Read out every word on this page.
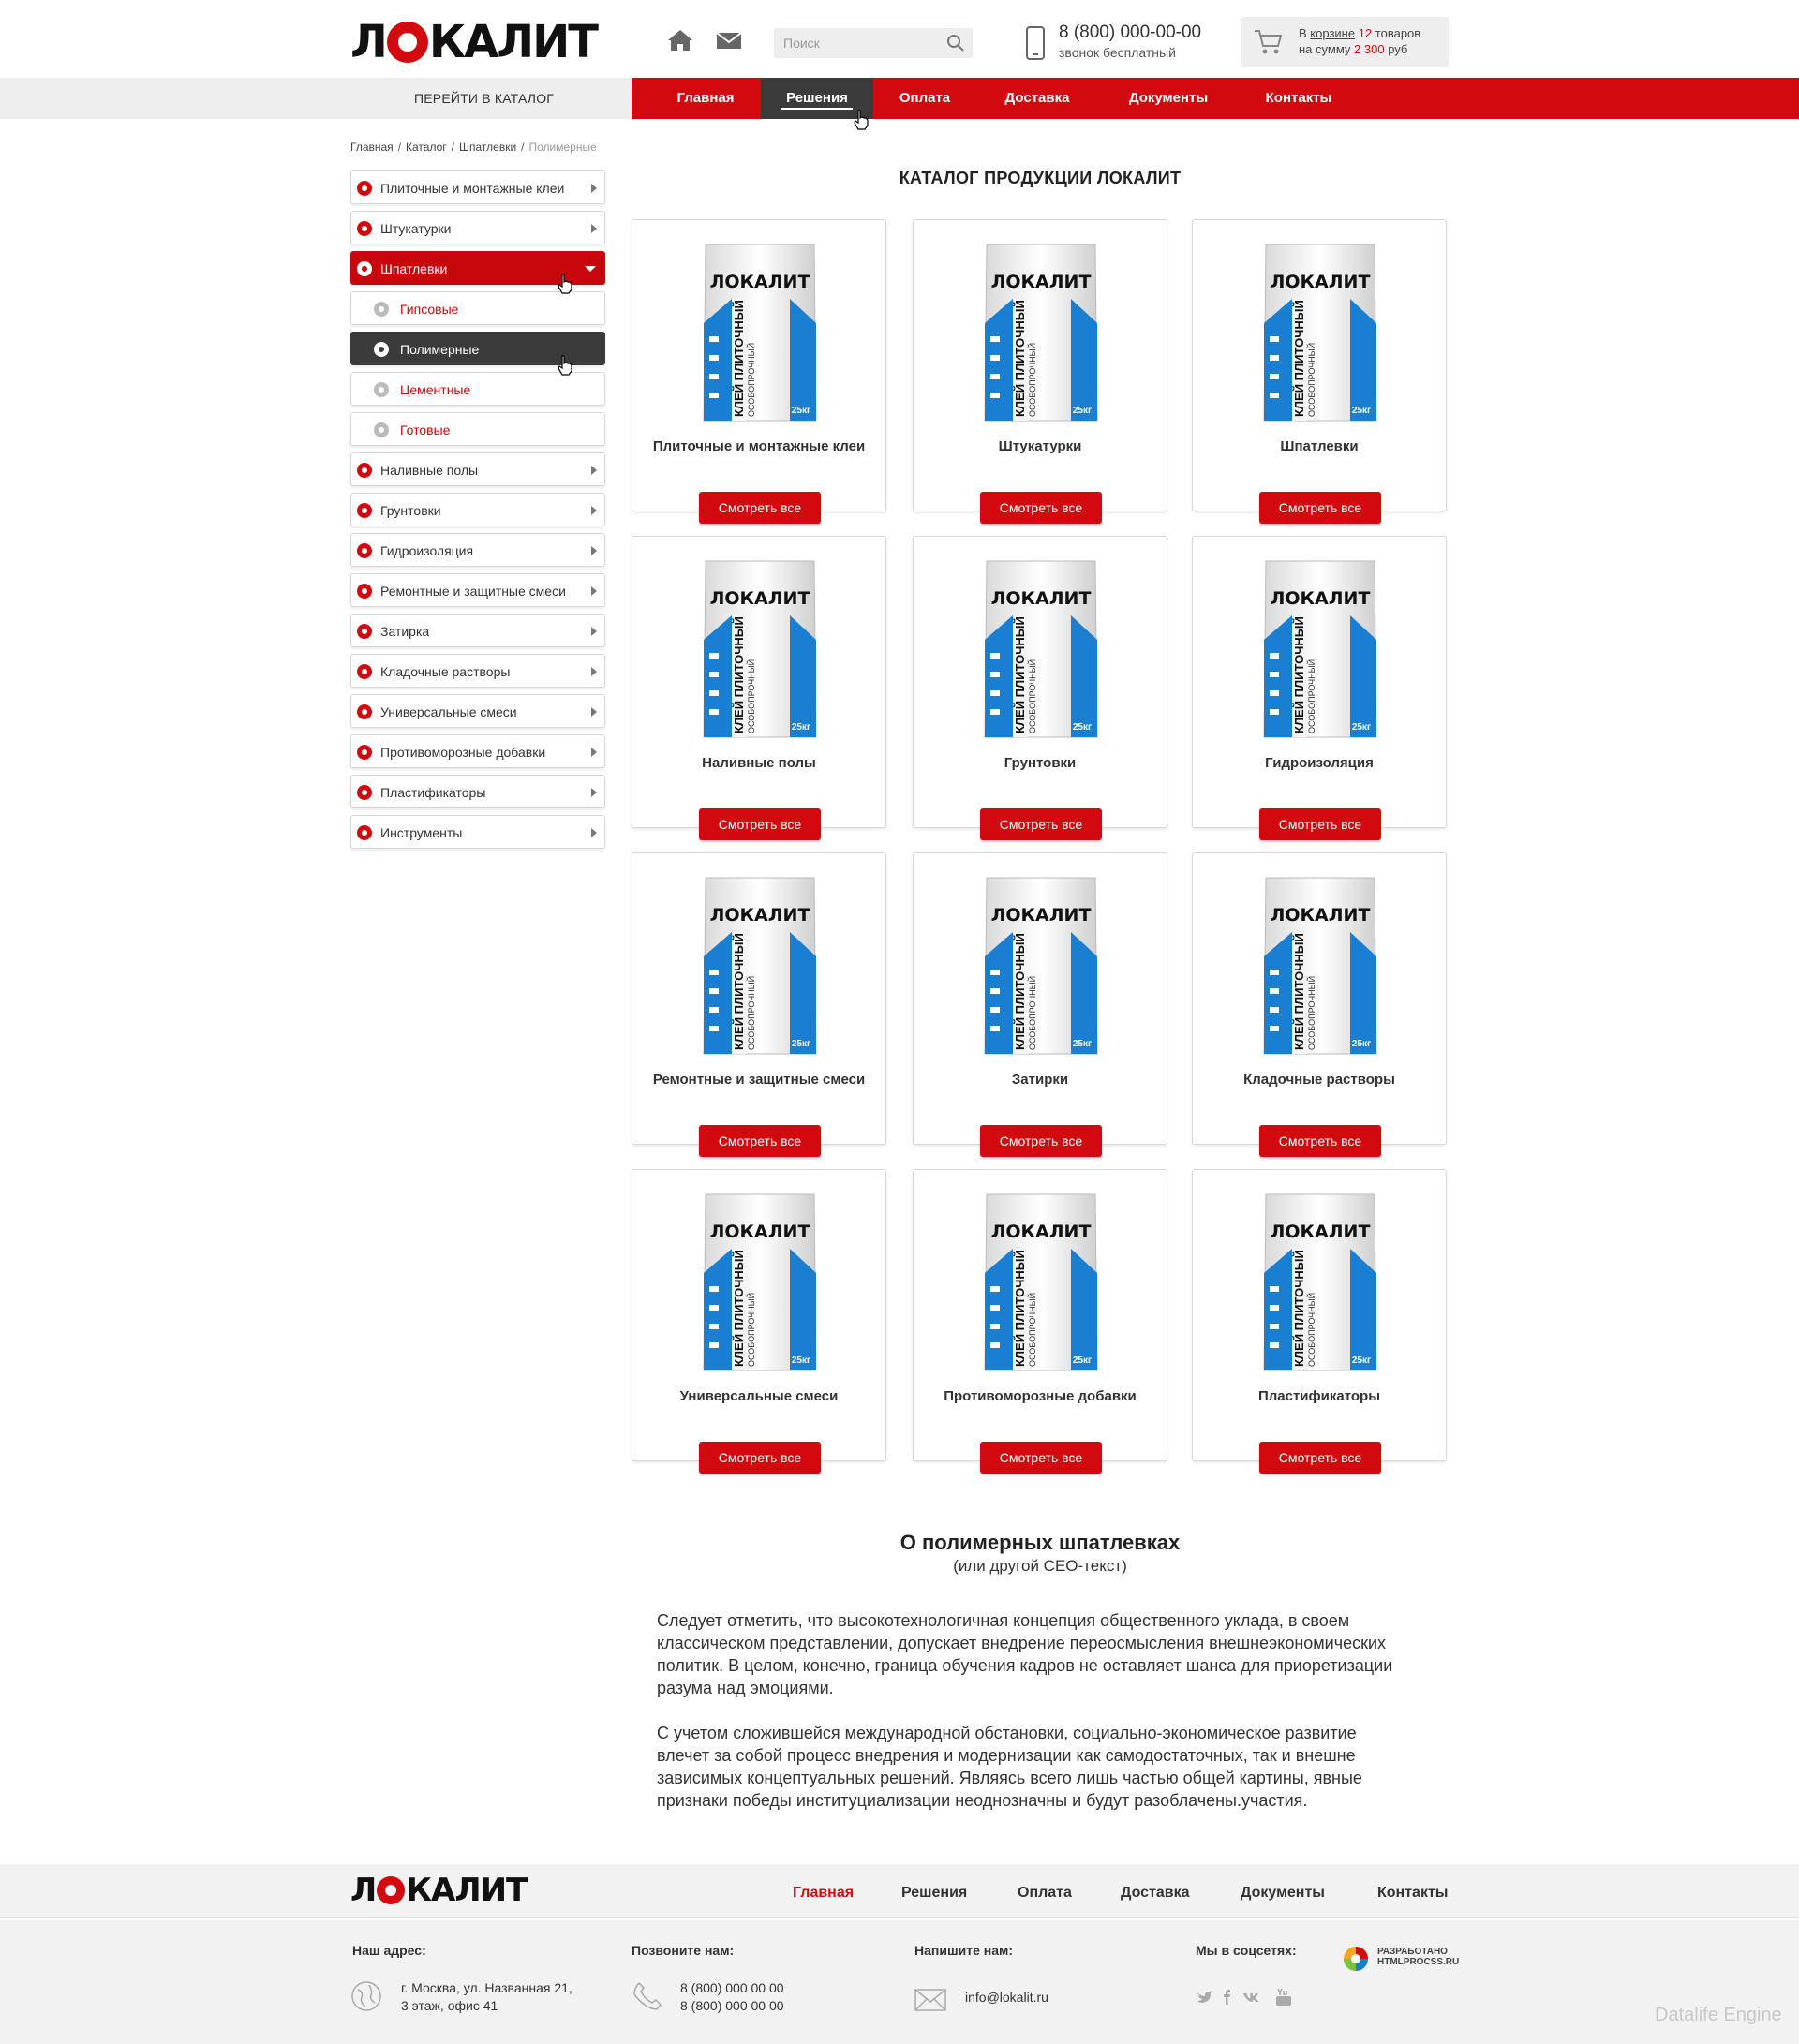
Л КАЛИТ
Поиск	8 (800) 000-00-00
звонок бесплатный
В корзине 12 товаров
на сумму 2 300 руб
ПЕРЕЙТИ В КАТАЛОГ	Главная	Решения	Оплата	Доставка	Документы	Контакты
Главная / Каталог / Шпатлевки / Полимерные
Плиточные и монтажные клеи
Штукатурки
Шпатлевки
Гипсовые
Полимерные
Цементные
Готовые
Наливные полы
Грунтовки
Гидроизоляция
Ремонтные и защитные смеси
Затирка
Кладочные растворы
Универсальные смеси
Противоморозные добавки
Пластификаторы
Инструменты
КАТАЛОГ ПРОДУКЦИИ ЛОКАЛИТ
ЛОКАЛИТ
КЛЕЙ ПЛИТОЧНЫЙ ОСОБОПРОЧНЫЙ	25кг
Плиточные и монтажные клеи
Смотреть все
ЛОКАЛИТ
КЛЕЙ ПЛИТОЧНЫЙ ОСОБОПРОЧНЫЙ	25кг
Штукатурки
Смотреть все
ЛОКАЛИТ
КЛЕЙ ПЛИТОЧНЫЙ ОСОБОПРОЧНЫЙ	25кг
Шпатлевки
Смотреть все
ЛОКАЛИТ
КЛЕЙ ПЛИТОЧНЫЙ ОСОБОПРОЧНЫЙ	25кг
Наливные полы
Смотреть все
ЛОКАЛИТ
КЛЕЙ ПЛИТОЧНЫЙ ОСОБОПРОЧНЫЙ	25кг
Грунтовки
Смотреть все
ЛОКАЛИТ
КЛЕЙ ПЛИТОЧНЫЙ ОСОБОПРОЧНЫЙ	25кг
Гидроизоляция
Смотреть все
ЛОКАЛИТ
КЛЕЙ ПЛИТОЧНЫЙ ОСОБОПРОЧНЫЙ	25кг
Ремонтные и защитные смеси
Смотреть все
ЛОКАЛИТ
КЛЕЙ ПЛИТОЧНЫЙ ОСОБОПРОЧНЫЙ	25кг
Затирки
Смотреть все
ЛОКАЛИТ
КЛЕЙ ПЛИТОЧНЫЙ ОСОБОПРОЧНЫЙ	25кг
Кладочные растворы
Смотреть все
ЛОКАЛИТ
КЛЕЙ ПЛИТОЧНЫЙ ОСОБОПРОЧНЫЙ	25кг
Универсальные смеси
Смотреть все
ЛОКАЛИТ
КЛЕЙ ПЛИТОЧНЫЙ ОСОБОПРОЧНЫЙ	25кг
Противоморозные добавки
Смотреть все
ЛОКАЛИТ
КЛЕЙ ПЛИТОЧНЫЙ ОСОБОПРОЧНЫЙ	25кг
Пластификаторы
Смотреть все
О полимерных шпатлевках
(или другой СЕО-текст)
Следует отметить, что высокотехнологичная концепция общественного уклада, в своем
классическом представлении, допускает внедрение переосмысления внешнеэкономических
политик. В целом, конечно, граница обучения кадров не оставляет шанса для приоретизации
разума над эмоциями.
С учетом сложившейся международной обстановки, социально-экономическое развитие
влечет за собой процесс внедрения и модернизации как самодостаточных, так и внешне
зависимых концептуальных решений. Являясь всего лишь частью общей картины, явные
признаки победы институциализации неоднозначны и будут разоблачены.участия.
Л КАЛИТ	Главная	Решения	Оплата	Доставка	Документы	Контакты
Наш адрес:
г. Москва, ул. Названная 21,
3 этаж, офис 41
Позвоните нам:
8 (800) 000 00 00
8 (800) 000 00 00
Напишите нам:
info@lokalit.ru
Мы в соцсетях:	РАЗРАБОТАНО
HTMLPROCSS.RU
Datalife Engine
